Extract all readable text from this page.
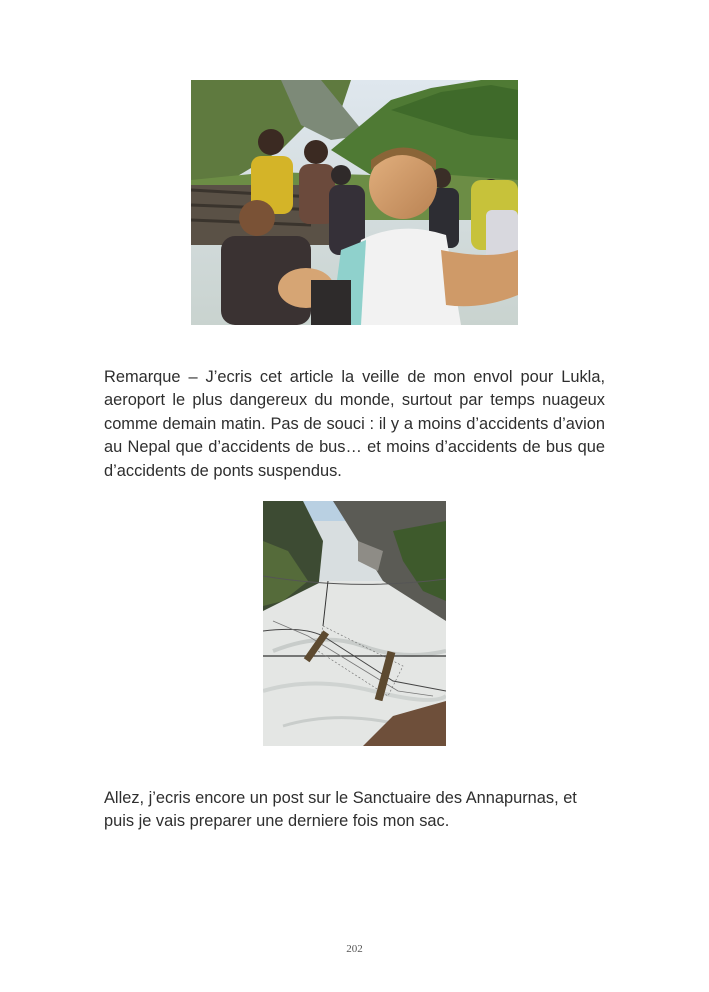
Remarque – J’ecris cet article la veille de mon envol pour Lukla, aeroport le plus dangereux du monde, surtout par temps nuageux comme demain matin. Pas de souci : il y a moins d’accidents d’avion au Nepal que d’accidents de bus… et moins d’accidents de bus que d’accidents de ponts suspendus.

Allez, j’ecris encore un post sur le Sanctuaire des Annapurnas, et puis je vais preparer une derniere fois mon sac.

202
